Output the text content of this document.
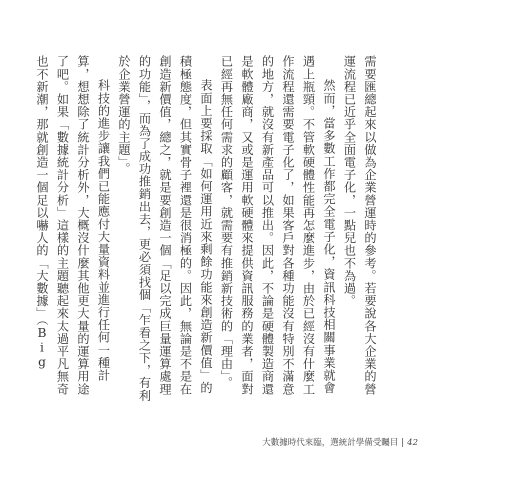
需要匯總起來以做為企業營運時的參考。若要說各大企業的營運流程已近乎全面電子化，一點兒也不為過。

然而，當多數工作都完全電子化，資訊科技相關事業就會遇上瓶頸。不管軟硬體性能再怎麼進步，由於已經沒有什麼工作流程還需要電子化了，如果客戶對各種功能沒有特別不滿意的地方，就沒有新產品可以推出。因此，不論是硬體製造商還是軟體廠商，又或是運用軟硬體來提供資訊服務的業者，面對已經再無任何需求的顧客，就需要有推銷新技術的「理由」。

表面上要採取「如何運用近來剩餘功能來創造新價值」的積極態度，但其實骨子裡還是很消極的。因此，無論是不是在創造新價值，總之，就是要創造一個「足以完成巨量運算處理的功能」，而為了成功推銷出去，更必須找個「乍看之下，有利於企業營運的主題」。

科技的進步讓我們已能應付大量資料並進行任何一種計算，想想除了統計分析外，大概沒什麼其他更大量的運算用途了吧。如果「數據統計分析」這樣的主題聽起來太過平凡無奇也不新潮，那就創造一個足以嚇人的「大數據」（Big

大數據時代來臨，選統計學備受矚目 | 42
